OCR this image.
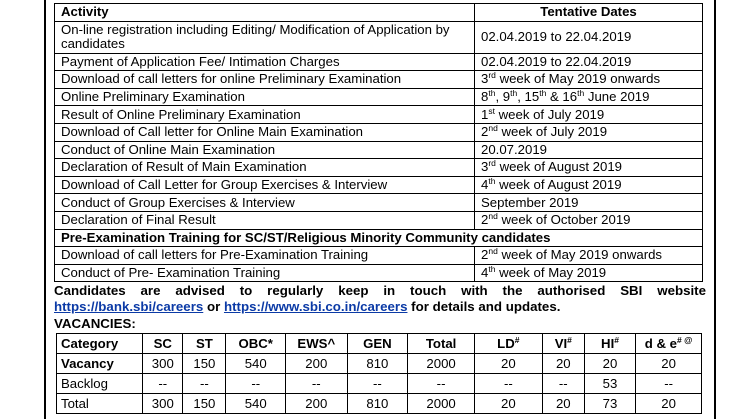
Activity	Tentative Dates
On-line registration including Editing/ Modification of Application by candidates	02.04.2019 to 22.04.2019
Payment of Application Fee/ Intimation Charges	02.04.2019 to 22.04.2019
Download of call letters for online Preliminary Examination	3rd week of May 2019 onwards
Online Preliminary Examination	8th, 9th, 15th & 16th June 2019
Result of Online Preliminary Examination	1st week of July 2019
Download of Call letter for Online Main Examination	2nd week of July 2019
Conduct of Online Main Examination	20.07.2019
Declaration of Result of Main Examination	3rd week of August 2019
Download of Call Letter for Group Exercises & Interview	4th week of August 2019
Conduct of Group Exercises & Interview	September 2019
Declaration of Final Result	2nd week of October 2019
Pre-Examination Training for SC/ST/Religious Minority Community candidates	
Download of call letters for Pre-Examination Training	2nd week of May 2019 onwards
Conduct of Pre- Examination Training	4th week of May 2019
Candidates are advised to regularly keep in touch with the authorised SBI website
https://bank.sbi/careers or https://www.sbi.co.in/careers for details and updates.
VACANCIES:
Category	SC	ST	OBC*	EWS^	GEN	Total	LD#	VI#	HI#	d & e# @
Vacancy	300	150	540	200	810	2000	20	20	20	20
Backlog	--	--	--	--	--	--	--	--	53	--
Total	300	150	540	200	810	2000	20	20	73	20
